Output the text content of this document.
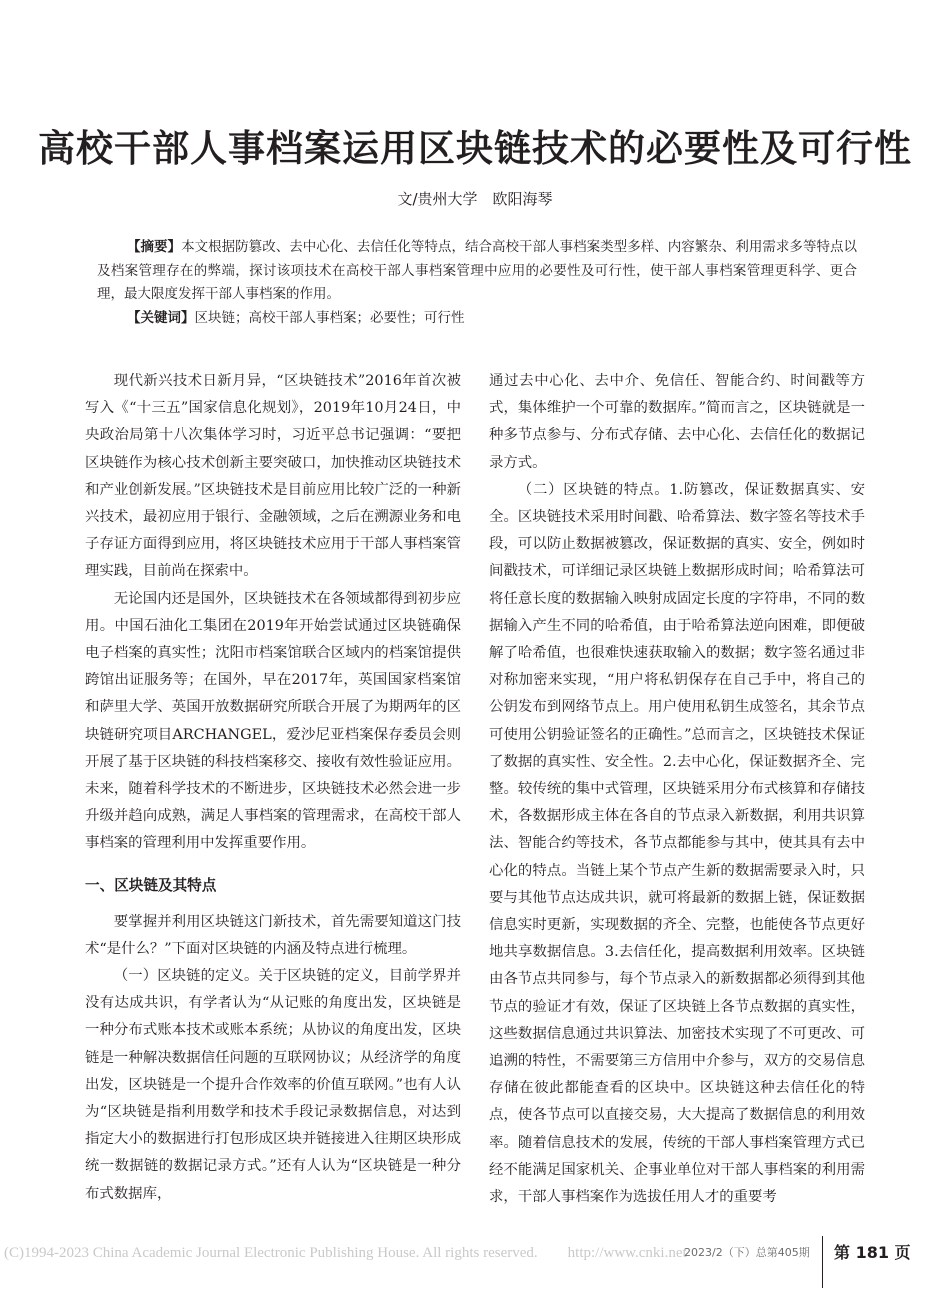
高校干部人事档案运用区块链技术的必要性及可行性
文/贵州大学　欧阳海琴

【摘要】本文根据防篡改、去中心化、去信任化等特点，结合高校干部人事档案类型多样、内容繁杂、利用需求多等特点以及档案管理存在的弊端，探讨该项技术在高校干部人事档案管理中应用的必要性及可行性，使干部人事档案管理更科学、更合理，最大限度发挥干部人事档案的作用。

【关键词】区块链；高校干部人事档案；必要性；可行性

现代新兴技术日新月异，“区块链技术”2016年首次被写入《“十三五”国家信息化规划》，2019年10月24日，中央政治局第十八次集体学习时，习近平总书记强调：“要把区块链作为核心技术创新主要突破口，加快推动区块链技术和产业创新发展。”区块链技术是目前应用比较广泛的一种新兴技术，最初应用于银行、金融领域，之后在溯源业务和电子存证方面得到应用，将区块链技术应用于干部人事档案管理实践，目前尚在探索中。

无论国内还是国外，区块链技术在各领域都得到初步应用。中国石油化工集团在2019年开始尝试通过区块链确保电子档案的真实性；沈阳市档案馆联合区域内的档案馆提供跨馆出证服务等；在国外，早在2017年，英国国家档案馆和萨里大学、英国开放数据研究所联合开展了为期两年的区块链研究项目ARCHANGEL，爱沙尼亚档案保存委员会则开展了基于区块链的科技档案移交、接收有效性验证应用。未来，随着科学技术的不断进步，区块链技术必然会进一步升级并趋向成熟，满足人事档案的管理需求，在高校干部人事档案的管理利用中发挥重要作用。

一、区块链及其特点

要掌握并利用区块链这门新技术，首先需要知道这门技术“是什么？”下面对区块链的内涵及特点进行梳理。

（一）区块链的定义。关于区块链的定义，目前学界并没有达成共识，有学者认为“从记账的角度出发，区块链是一种分布式账本技术或账本系统；从协议的角度出发，区块链是一种解决数据信任问题的互联网协议；从经济学的角度出发，区块链是一个提升合作效率的价值互联网。”也有人认为“区块链是指利用数学和技术手段记录数据信息，对达到指定大小的数据进行打包形成区块并链接进入往期区块形成统一数据链的数据记录方式。”还有人认为“区块链是一种分布式数据库，

通过去中心化、去中介、免信任、智能合约、时间戳等方式，集体维护一个可靠的数据库。”简而言之，区块链就是一种多节点参与、分布式存储、去中心化、去信任化的数据记录方式。

（二）区块链的特点。1.防篡改，保证数据真实、安全。区块链技术采用时间戳、哈希算法、数字签名等技术手段，可以防止数据被篡改，保证数据的真实、安全，例如时间戳技术，可详细记录区块链上数据形成时间；哈希算法可将任意长度的数据输入映射成固定长度的字符串，不同的数据输入产生不同的哈希值，由于哈希算法逆向困难，即便破解了哈希值，也很难快速获取输入的数据；数字签名通过非对称加密来实现，“用户将私钥保存在自己手中，将自己的公钥发布到网络节点上。用户使用私钥生成签名，其余节点可使用公钥验证签名的正确性。”总而言之，区块链技术保证了数据的真实性、安全性。2.去中心化，保证数据齐全、完整。较传统的集中式管理，区块链采用分布式核算和存储技术，各数据形成主体在各自的节点录入新数据，利用共识算法、智能合约等技术，各节点都能参与其中，使其具有去中心化的特点。当链上某个节点产生新的数据需要录入时，只要与其他节点达成共识，就可将最新的数据上链，保证数据信息实时更新，实现数据的齐全、完整，也能使各节点更好地共享数据信息。3.去信任化，提高数据利用效率。区块链由各节点共同参与，每个节点录入的新数据都必须得到其他节点的验证才有效，保证了区块链上各节点数据的真实性，这些数据信息通过共识算法、加密技术实现了不可更改、可追溯的特性，不需要第三方信用中介参与，双方的交易信息存储在彼此都能查看的区块中。区块链这种去信任化的特点，使各节点可以直接交易，大大提高了数据信息的利用效率。随着信息技术的发展，传统的干部人事档案管理方式已经不能满足国家机关、企事业单位对干部人事档案的利用需求，干部人事档案作为选拔任用人才的重要考

(C)1994-2023 China Academic Journal Electronic Publishing House. All rights reserved.　　http://www.cnki.net
2023/2（下）总第405期 第 181 页
